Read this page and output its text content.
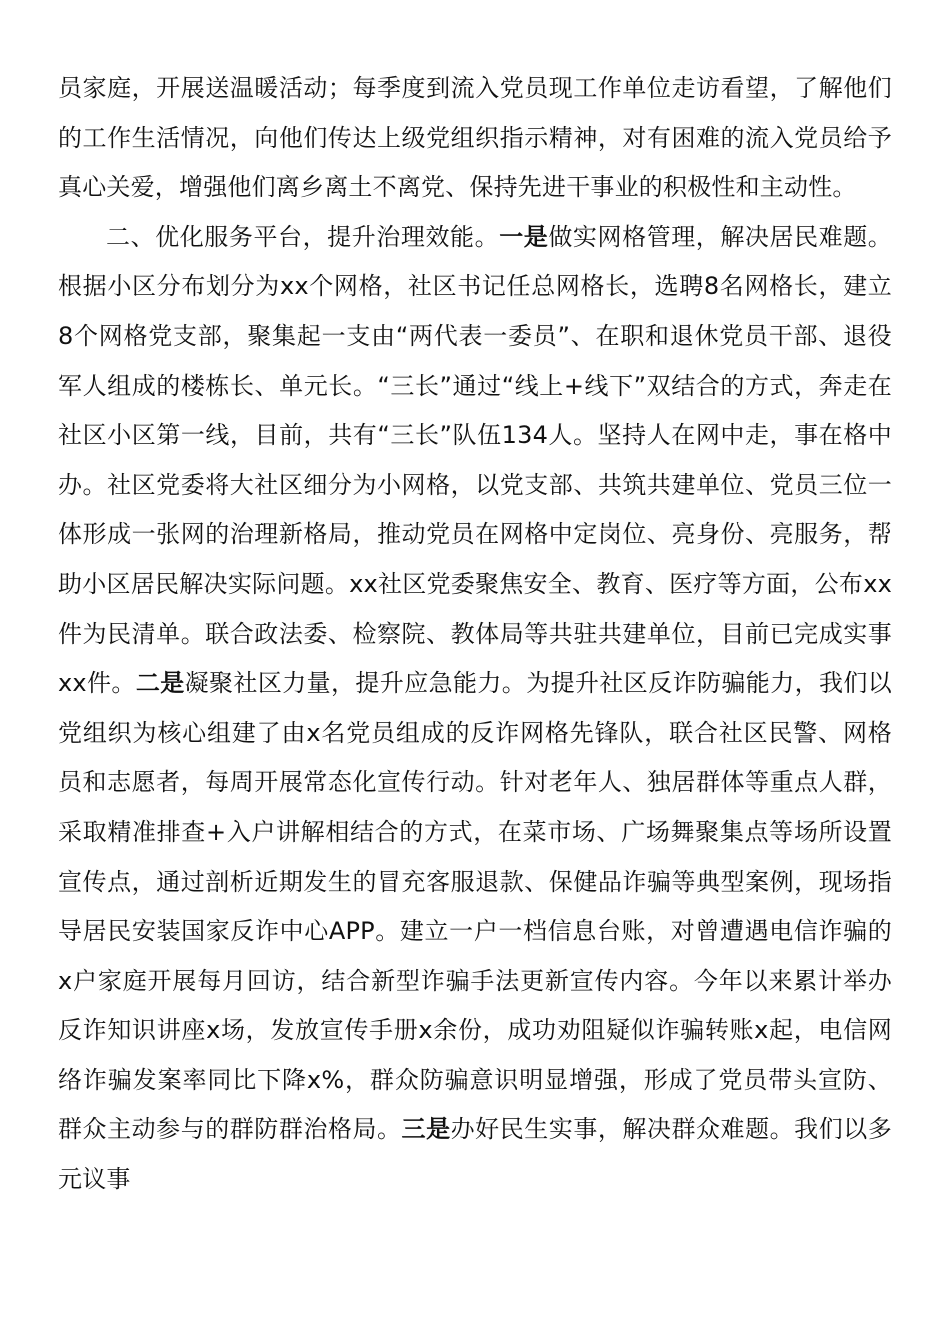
员家庭，开展送温暖活动；每季度到流入党员现工作单位走访看望，了解他们的工作生活情况，向他们传达上级党组织指示精神，对有困难的流入党员给予真心关爱，增强他们离乡离土不离党、保持先进干事业的积极性和主动性。

二、优化服务平台，提升治理效能。一是做实网格管理，解决居民难题。根据小区分布划分为xx个网格，社区书记任总网格长，选聘8名网格长，建立8个网格党支部，聚集起一支由“两代表一委员”、在职和退休党员干部、退役军人组成的楼栋长、单元长。“三长”通过“线上+线下”双结合的方式，奔走在社区小区第一线，目前，共有“三长”队伍134人。坚持人在网中走，事在格中办。社区党委将大社区细分为小网格，以党支部、共筑共建单位、党员三位一体形成一张网的治理新格局，推动党员在网格中定岗位、亮身份、亮服务，帮助小区居民解决实际问题。xx社区党委聚焦安全、教育、医疗等方面，公布xx件为民清单。联合政法委、检察院、教体局等共驻共建单位，目前已完成实事xx件。二是凝聚社区力量，提升应急能力。为提升社区反诈防骗能力，我们以党组织为核心组建了由x名党员组成的反诈网格先锋队，联合社区民警、网格员和志愿者，每周开展常态化宣传行动。针对老年人、独居群体等重点人群，采取精准排查+入户讲解相结合的方式，在菜市场、广场舞聚集点等场所设置宣传点，通过剖析近期发生的冒充客服退款、保健品诈骗等典型案例，现场指导居民安装国家反诈中心APP。建立一户一档信息台账，对曾遭遇电信诈骗的x户家庭开展每月回访，结合新型诈骗手法更新宣传内容。今年以来累计举办反诈知识讲座x场，发放宣传手册x余份，成功劝阻疑似诈骗转账x起，电信网络诈骗发案率同比下降x%，群众防骗意识明显增强，形成了党员带头宣防、群众主动参与的群防群治格局。三是办好民生实事，解决群众难题。我们以多元议事
